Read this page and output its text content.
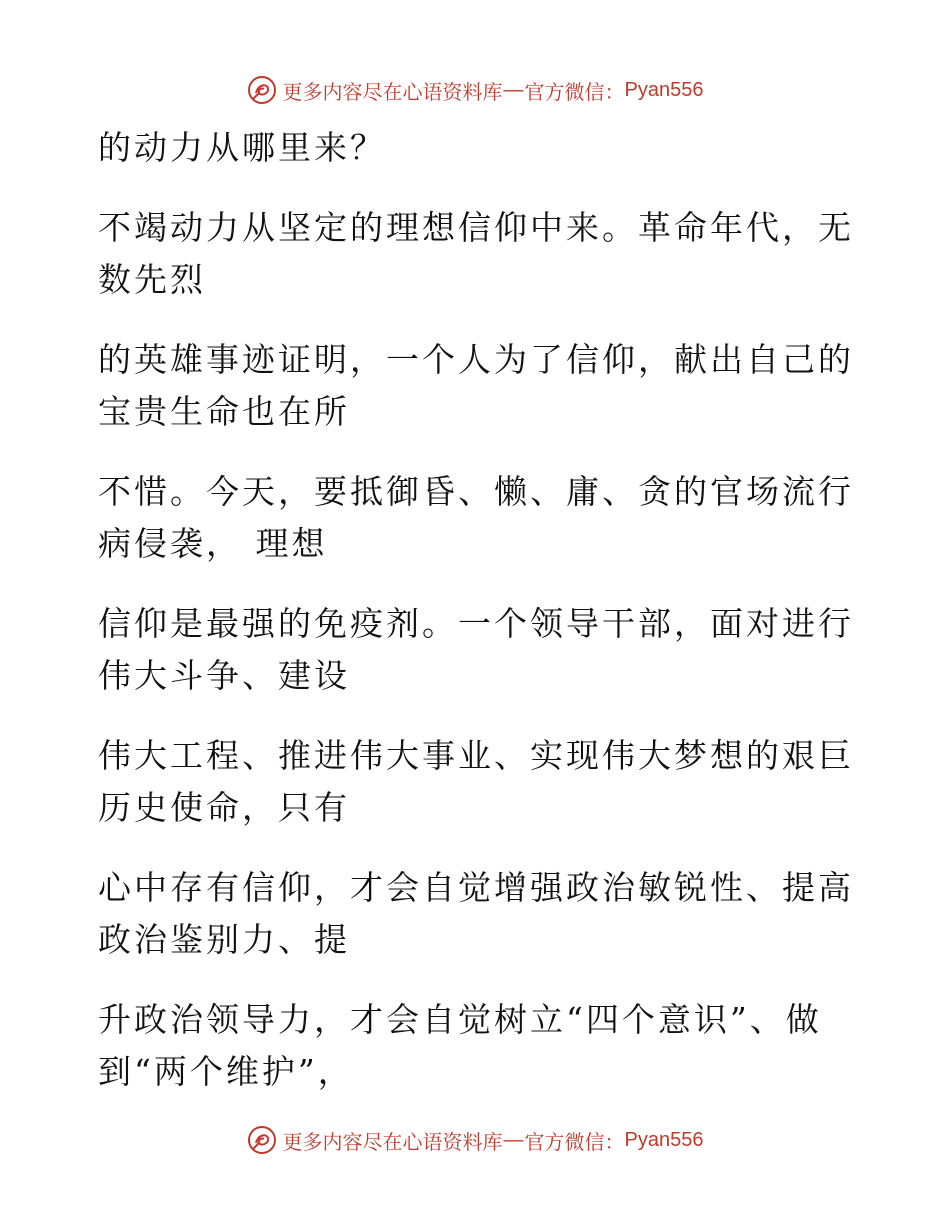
更多内容尽在心语资料库 — 官方微信： Pyan556
的动力从哪里来？
不竭动力从坚定的理想信仰中来。革命年代，无
数先烈
的英雄事迹证明，一个人为了信仰，献出自己的
宝贵生命也在所
不惜。今天，要抵御昏、懒、庸、贪的官场流行
病侵袭， 理想
信仰是最强的免疫剂。一个领导干部，面对进行
伟大斗争、建设
伟大工程、推进伟大事业、实现伟大梦想的艰巨
历史使命，只有
心中存有信仰，才会自觉增强政治敏锐性、提高
政治鉴别力、提
升政治领导力，才会自觉树立“四个意识”、做
到“两个维护”，
更多内容尽在心语资料库 — 官方微信： Pyan556
